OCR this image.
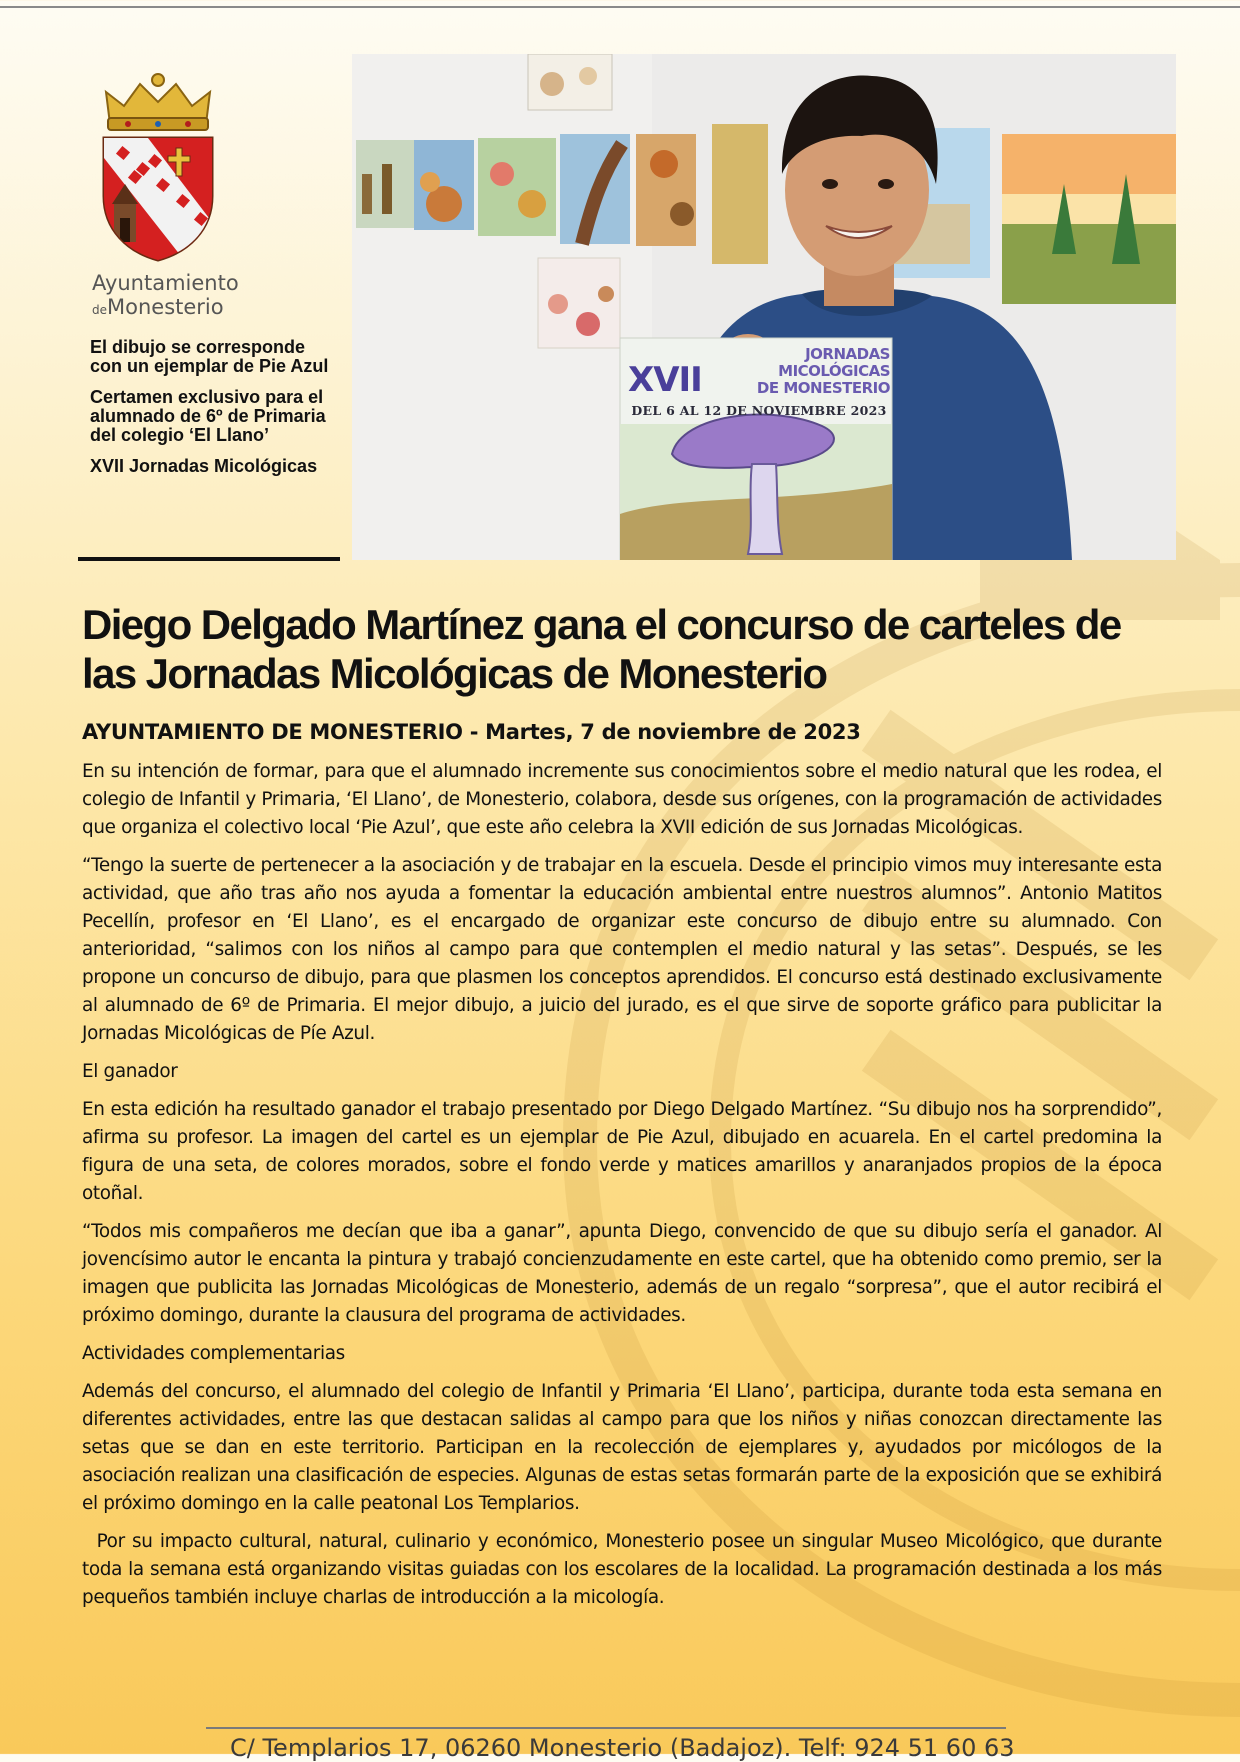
Ayuntamiento
deMonesterio

El dibujo se corresponde con un ejemplar de Pie Azul

Certamen exclusivo para el alumnado de 6º de Primaria del colegio ‘El Llano’

XVII Jornadas Micológicas

XVII
JORNADAS MICOLÓGICAS
DE MONESTERIO
DEL 6 AL 12 DE NOVIEMBRE 2023
Diego Delgado Martínez gana el concurso de carteles de las Jornadas Micológicas de Monesterio

AYUNTAMIENTO DE MONESTERIO - Martes, 7 de noviembre de 2023

En su intención de formar, para que el alumnado incremente sus conocimientos sobre el medio natural que les rodea, el colegio de Infantil y Primaria, ‘El Llano’, de Monesterio, colabora, desde sus orígenes, con la programación de actividades que organiza el colectivo local ‘Pie Azul’, que este año celebra la XVII edición de sus Jornadas Micológicas.

“Tengo la suerte de pertenecer a la asociación y de trabajar en la escuela. Desde el principio vimos muy interesante esta actividad, que año tras año nos ayuda a fomentar la educación ambiental entre nuestros alumnos”. Antonio Matitos Pecellín, profesor en ‘El Llano’, es el encargado de organizar este concurso de dibujo entre su alumnado. Con anterioridad, “salimos con los niños al campo para que contemplen el medio natural y las setas”. Después, se les propone un concurso de dibujo, para que plasmen los conceptos aprendidos. El concurso está destinado exclusivamente al alumnado de 6º de Primaria. El mejor dibujo, a juicio del jurado, es el que sirve de soporte gráfico para publicitar la Jornadas Micológicas de Píe Azul.

El ganador

En esta edición ha resultado ganador el trabajo presentado por Diego Delgado Martínez. “Su dibujo nos ha sorprendido”, afirma su profesor. La imagen del cartel es un ejemplar de Pie Azul, dibujado en acuarela. En el cartel predomina la figura de una seta, de colores morados, sobre el fondo verde y matices amarillos y anaranjados propios de la época otoñal.

“Todos mis compañeros me decían que iba a ganar”, apunta Diego, convencido de que su dibujo sería el ganador. Al jovencísimo autor le encanta la pintura y trabajó concienzudamente en este cartel, que ha obtenido como premio, ser la imagen que publicita las Jornadas Micológicas de Monesterio, además de un regalo “sorpresa”, que el autor recibirá el próximo domingo, durante la clausura del programa de actividades.

Actividades complementarias

Además del concurso, el alumnado del colegio de Infantil y Primaria ‘El Llano’, participa, durante toda esta semana en diferentes actividades, entre las que destacan salidas al campo para que los niños y niñas conozcan directamente las setas que se dan en este territorio. Participan en la recolección de ejemplares y, ayudados por micólogos de la asociación realizan una clasificación de especies. Algunas de estas setas formarán parte de la exposición que se exhibirá el próximo domingo en la calle peatonal Los Templarios.

Por su impacto cultural, natural, culinario y económico, Monesterio posee un singular Museo Micológico, que durante toda la semana está organizando visitas guiadas con los escolares de la localidad. La programación destinada a los más pequeños también incluye charlas de introducción a la micología.

C/ Templarios 17, 06260 Monesterio (Badajoz). Telf: 924 51 60 63
